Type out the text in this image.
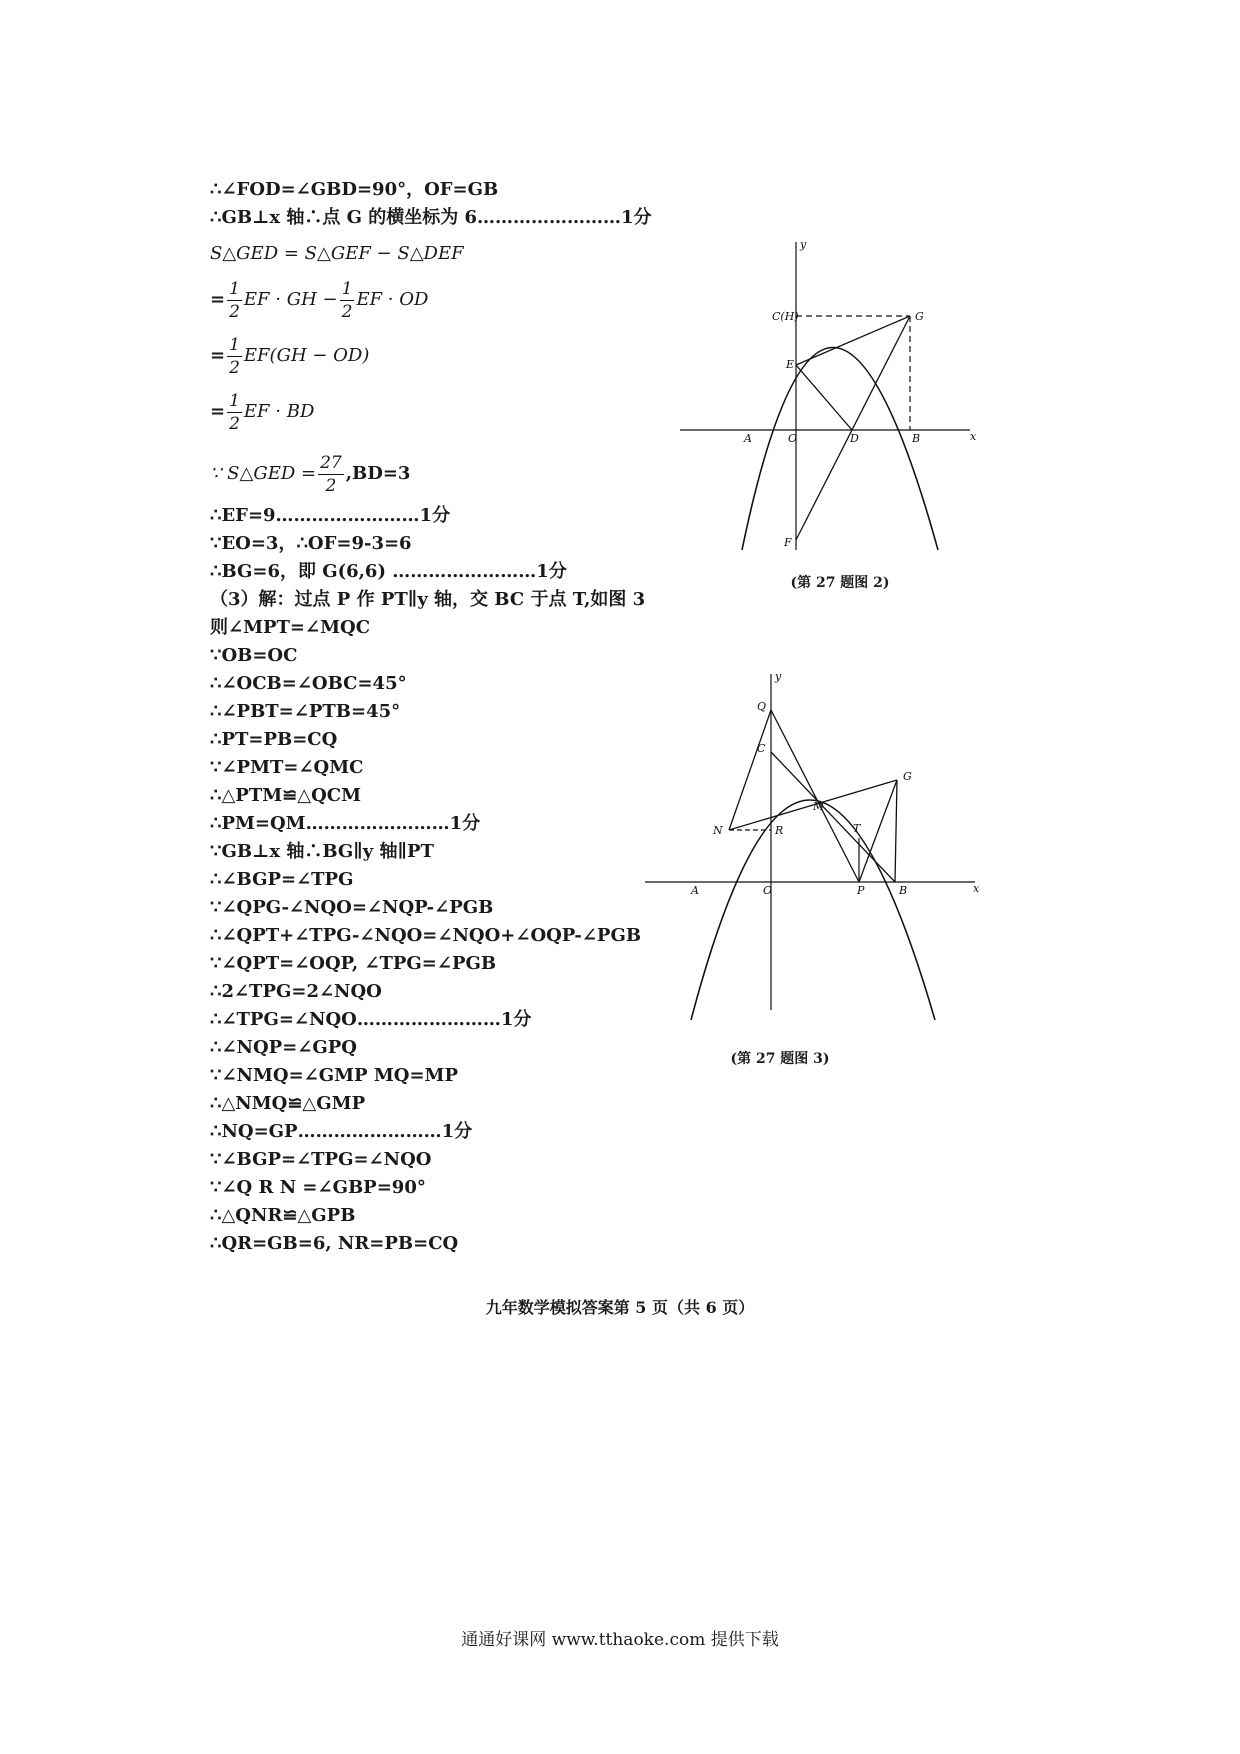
∴∠FOD=∠GBD=90°，OF=GB
∴GB⊥x 轴∴点 G 的横坐标为 6……………………1分
S△GED = S△GEF − S△DEF
= $\frac{1}{2}$ EF · GH − $\frac{1}{2}$ EF · OD
= $\frac{1}{2} EF(GH - OD)$
= $\frac{1}{2}$ EF · BD
∵ S△GED = $\frac{27}{2} ,BD=3$
∴EF=9……………………1分
∵EO=3，∴OF=9-3=6
∴BG=6，即 G(6,6) ……………………1分
（3）解：过点 P 作 PT∥y 轴，交 BC 于点 T,如图 3
则∠MPT=∠MQC
∵OB=OC
∴∠OCB=∠OBC=45°
∴∠PBT=∠PTB=45°
∴PT=PB=CQ
∵∠PMT=∠QMC
∴△PTM≌△QCM
∴PM=QM……………………1分
∵GB⊥x 轴∴BG∥y 轴∥PT
∴∠BGP=∠TPG
∵∠QPG-∠NQO=∠NQP-∠PGB
∴∠QPT+∠TPG-∠NQO=∠NQO+∠OQP-∠PGB
∵∠QPT=∠OQP, ∠TPG=∠PGB
∴2∠TPG=2∠NQO
∴∠TPG=∠NQO……………………1分
∴∠NQP=∠GPQ
∵∠NMQ=∠GMP MQ=MP
∴△NMQ≌△GMP
∴NQ=GP……………………1分
∵∠BGP=∠TPG=∠NQO
∵∠Q R N =∠GBP=90°
∴△QNR≌△GPB
∴QR=GB=6, NR=PB=CQ
y
x
C(H)	G
E
A	O	D	B
F
(第 27 题图 2)
y
x
Q
C
G
M
N	R	T
A	O	P	B
(第 27 题图 3)
九年数学模拟答案第 5 页（共 6 页）
通通好课网 www.tthaoke.com 提供下载
